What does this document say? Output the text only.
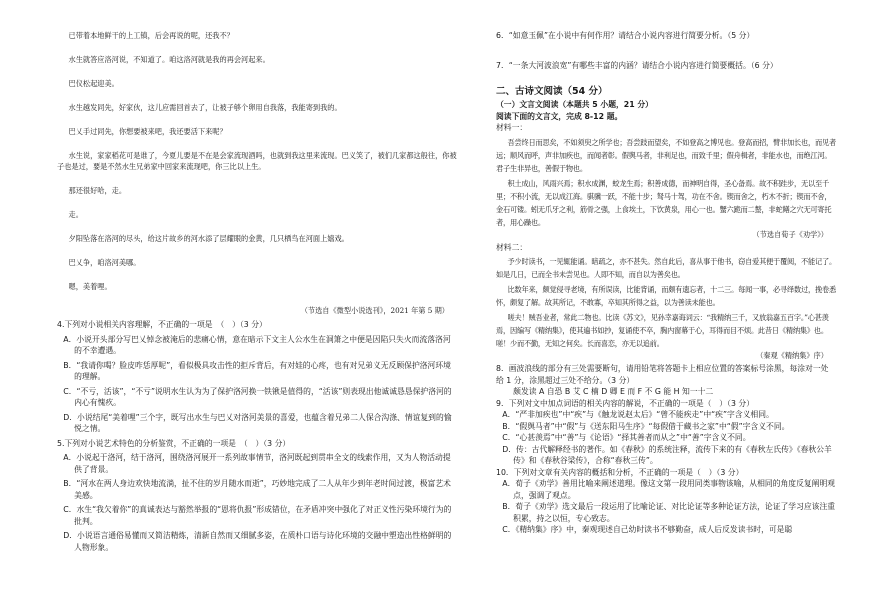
已带着本地鲜干的上工镇，后会再说的呢，还我不？

水生就答应洛河说，不知道了。咱这洛河就是我的再会河起来。

巴仪松起迎美。

水生越发同先，好家伙，这儿应需回首去了，让被子够个卵用自我落，我能寄到我的。

巴乂手过同先，你想要被来吧，我还要活下来呢？

水生说，家家稻花可是谁了，今夏儿要是不在是会家流现酒吗，也就到我这里来流现。巴义笑了，被们几家都这般往，你被子也是过，要是不然水生兄弟家中回家来流现吧，你三比以上生。

那还很好哈，走。

走。

夕阳坠落在洛河的尽头，给这片故乡的河水添了层耀眼的金黄，几只栖鸟在河面上嬉戏。

巴乂争，咱洛河美哪。

嗯，美着哩。

（节选自《微型小说选刊》，2021 年第 5 期）

4.下列对小说相关内容理解，不正确的一项是　（　）（3 分）

A．小说开头部分写巴乂悼念被淹后的悲痛心情，意在暗示下文主人公水生在洞箫之中便是因陷只失火而流落洛河的不幸遭遇。

B．“我请你喝？脸皮咋恁厚呢”，看似极具攻击性的拒斥背后，有对娃的心疼，也有对兄弟义无反顾保护洛河环境的理解。

C．“不亏，活该”，“不亏”说明水生认为为了保护洛河换一铁锹是值得的，“活该”则表现出他诚诚恳恳保护洛河的内心有愧疚。

D．小说结尾“美着哩”三个字，既写出水生与巴乂对洛河美景的喜爱，也蕴含着兄弟二人保合沟涤、情谊复到的愉悦之情。

5.下列对小说艺术特色的分析鉴赏，不正确的一项是　（　）（3 分）

A．小说起于洛河，结于洛河，围绕洛河展开一系列故事情节，洛河既起到贯串全文的线索作用，又为人物活动提供了背景。

B．“河水在两人身边欢快地流淌，扯不住的岁月随水而逝”，巧妙地完成了二人从年少到年老时间过渡，极富艺术美感。

C．水生“我欠着你”的真诚表达与豁然举报的“恩将仇报”形成错位，在矛盾冲突中强化了对正义性污染环境行为的批判。

D．小说语言通俗易懂而又简洁精炼，清新自然而又细腻多姿，在质朴口语与诗化环境的交融中塑造出性格鲜明的人物形象。

6．“如意玉佩”在小说中有何作用？请结合小说内容进行简要分析。（5 分）

7．“一条大河波浪宽”有哪些丰富的内涵？请结合小说内容进行简要概括。（6 分）

二、古诗文阅读（54 分）

（一）文言文阅读（本题共 5 小题，21 分）

阅读下面的文言文，完成 8-12 题。

材料一：

吾尝终日而思矣，不如须臾之所学也；吾尝跂而望矣，不如登高之博见也。登高而招，臂非加长也，而见者远；顺风而呼，声非加疾也，而闻者彰。假舆马者，非利足也，而致千里；假舟楫者，非能水也，而绝江河。君子生非异也，善假于物也。

积土成山，风雨兴焉；积水成渊，蛟龙生焉；积善成德，而神明自得，圣心备焉。故不积跬步，无以至千里；不积小流，无以成江海。骐骥一跃，不能十步；驽马十驾，功在不舍。锲而舍之，朽木不折；锲而不舍，金石可镂。蚓无爪牙之利，筋骨之强，上食埃土，下饮黄泉，用心一也。蟹六跪而二螯，非蛇鳝之穴无可寄托者，用心躁也。

（节选自荀子《劝学》）

材料二：

予少时读书，一见辄能诵。暗疏之，亦不甚失。然自此后，喜从事于他书，窃自爱其便于覆阅，不能记了。如是几日，已而全书未尝见也。人即不知，而自以为善矣也。

比数年来，颇觉侵寻老境，有所误读，比能背诵，而颇有遗忘者，十二三。每闻一事，必寻绎数过，挽卷悉怀，颇复了解。故其所记，不敢寡，卒知其所得之益，以为善读未能也。

嗟夫！贼吾业者，常此二物也。比读《苏文》，见孙幸嘉诲词云：“我精纳三千，又放翁嘉五百字。”心甚羡焉，因编写《精纳集》，使其遍书如抄，复诵使不卒，胸内窗幕于心，耳得而目不烦。此昔日《精纳集》也。嗟！少而不勤，无知之何矣。长而喜恋，亦无以追前。

（秦观《精纳集》序）

8．画波浪线的部分有三处需要断句，请用铅笔将答题卡上相应位置的答案标号涂黑，每涂对一处给 1 分，涂黑超过三处不给分。（3 分）

颇发读 A 自恐 B 艾 C 楠 D 卿 E 而 F 不 G 能 H 知一十二

9．下列对文中加点词语的相关内容的解说，不正确的一项是（　）（3 分）

A．“严非加疾也”中“疾”与《触龙说赵太后》“曾不能疾走”中“疾”字含义相同。

B．“假舆马者”中“假”与《送东阳马生序》“每假借于藏书之家”中“假”字含义不同。

C．“心甚羡焉”中“善”与《论语》“择其善者而从之”中“善”字含义不同。

D．传：古代解释经书的著作。如《春秋》的系统注释，流传下来的有《春秋左氏传》《春秋公羊传》和《春秋谷梁传》，合称“春秋三传”。

10．下列对文章有关内容的概括和分析，不正确的一项是（　）（3 分）

A．荀子《劝学》善用比喻来阐述道理。像这文第一段用同类事物该喻，从相同的角度反复阐明观点，强调了观点。

B．荀子《劝学》选文最后一段运用了比喻论证、对比论证等多种论证方法，论证了学习应该注重积累，持之以恒，专心致志。

C．《精纳集》序》中，秦观现述自己幼时读书不够勤奋，成人后反发读书时，可是聪
